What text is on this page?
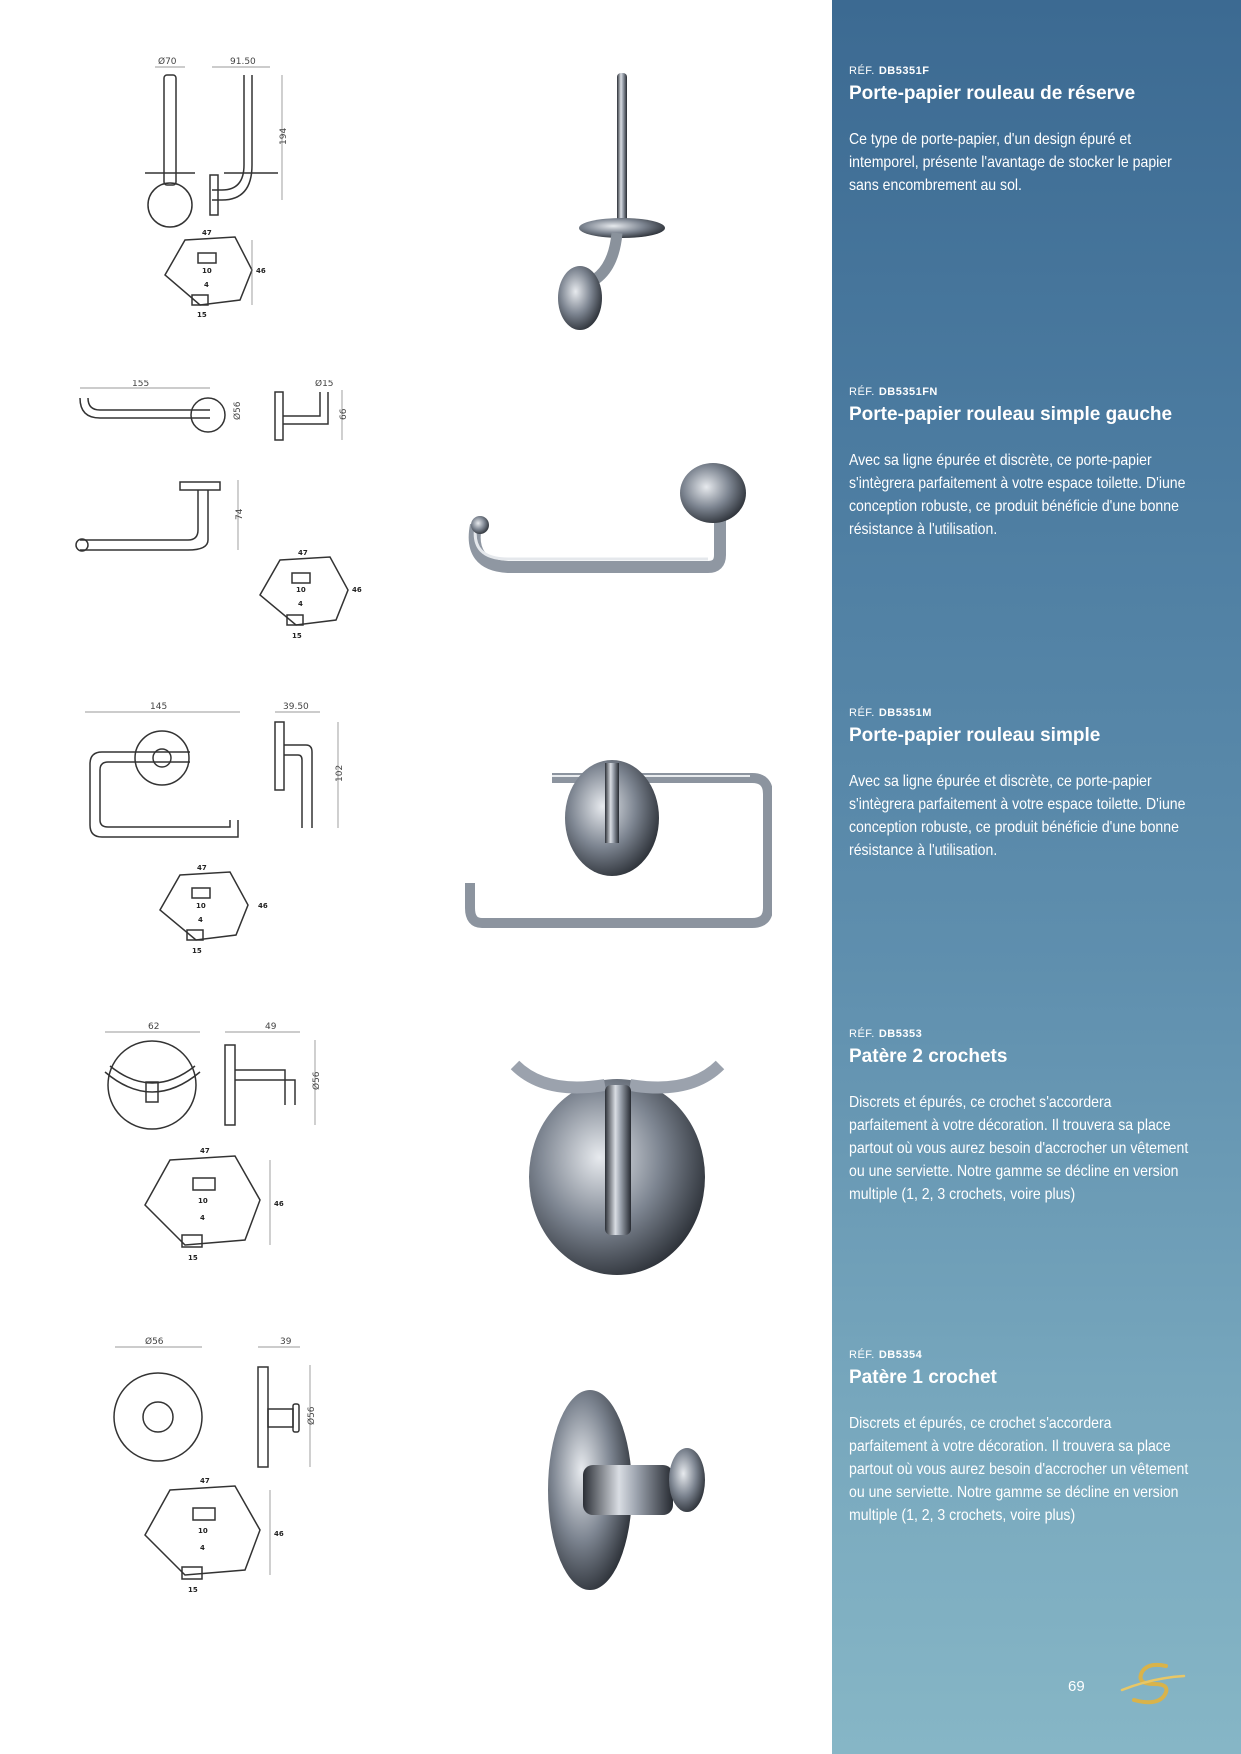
Ø70	91.50
194
47
10
4
46
15
155
Ø56
Ø15
66
74
47
10
4
46
15
145	39.50
102
47
10
4
46
15
62	49
Ø56
47
10
4
46
15
Ø56	39
Ø56
47
10
4
46
15
RÉF. DB5351F
Porte-papier rouleau de réserve

Ce type de porte-papier, d'un design épuré et intemporel, présente l'avantage de stocker le papier sans encombrement au sol.

RÉF. DB5351FN
Porte-papier rouleau simple gauche

Avec sa ligne épurée et discrète, ce porte-papier s'intègrera parfaitement à votre espace toilette. D'iune conception robuste, ce produit bénéficie d'une bonne résistance à l'utilisation.

RÉF. DB5351M
Porte-papier rouleau simple

Avec sa ligne épurée et discrète, ce porte-papier s'intègrera parfaitement à votre espace toilette. D'iune conception robuste, ce produit bénéficie d'une bonne résistance à l'utilisation.

RÉF. DB5353
Patère 2 crochets

Discrets et épurés, ce crochet s'accordera parfaitement à votre décoration. Il trouvera sa place partout où vous aurez besoin d'accrocher un vêtement ou une serviette. Notre gamme se décline en version multiple (1, 2, 3 crochets, voire plus)

RÉF. DB5354
Patère 1 crochet

Discrets et épurés, ce crochet s'accordera parfaitement à votre décoration. Il trouvera sa place partout où vous aurez besoin d'accrocher un vêtement ou une serviette. Notre gamme se décline en version multiple (1, 2, 3 crochets, voire plus)

69
